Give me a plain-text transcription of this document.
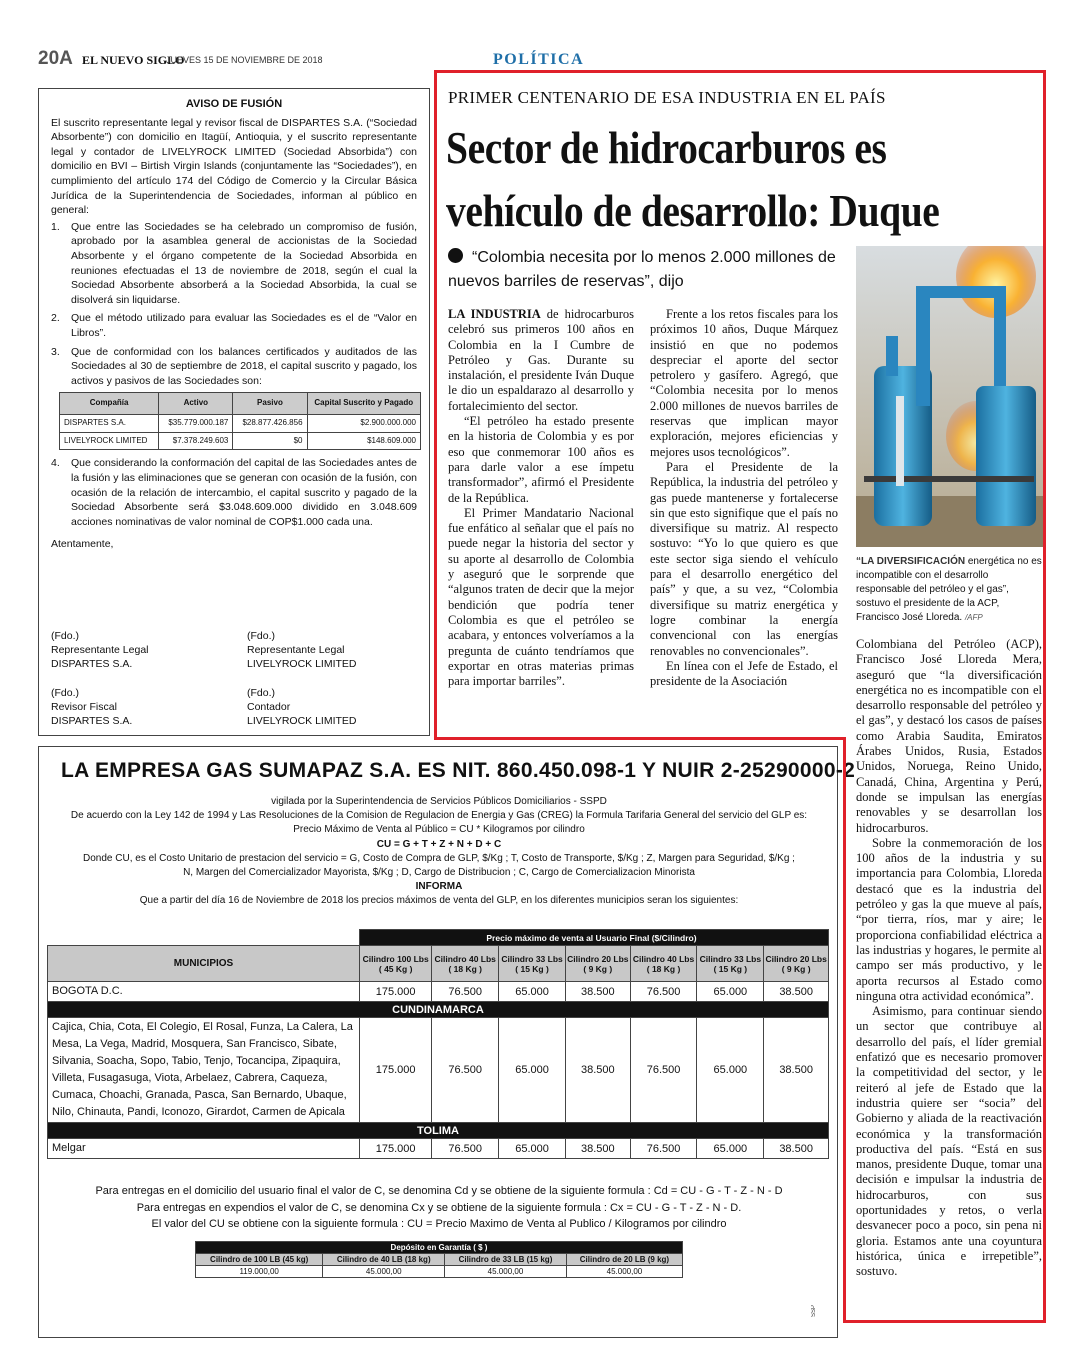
20A EL NUEVO SIGLO
JUEVES 15 DE NOVIEMBRE DE 2018	POLÍTICA
AVISO DE FUSIÓN

El suscrito representante legal y revisor fiscal de DISPARTES S.A. (“Sociedad Absorbente”) con domicilio en Itagüí, Antioquia, y el suscrito representante legal y contador de LIVELYROCK LIMITED (Sociedad Absorbida”) con domicilio en BVI – Birtish Virgin Islands (conjuntamente las “Sociedades”), en cumplimiento del artículo 174 del Código de Comercio y la Circular Básica Jurídica de la Superintendencia de Sociedades, informan al público en general:

1. Que entre las Sociedades se ha celebrado un compromiso de fusión, aprobado por la asamblea general de accionistas de la Sociedad Absorbente y el órgano competente de la Sociedad Absorbida en reuniones efectuadas el 13 de noviembre de 2018, según el cual la Sociedad Absorbente absorberá a la Sociedad Absorbida, la cual se disolverá sin liquidarse.
2. Que el método utilizado para evaluar las Sociedades es el de “Valor en Libros”.
3. Que de conformidad con los balances certificados y auditados de las Sociedades al 30 de septiembre de 2018, el capital suscrito y pagado, los activos y pasivos de las Sociedades son:
Compañía	Activo	Pasivo	Capital Suscrito y Pagado
DISPARTES S.A.	$35.779.000.187	$28.877.426.856	$2.900.000.000
LIVELYROCK LIMITED	$7.378.249.603	$0	$148.609.000
4. Que considerando la conformación del capital de las Sociedades antes de la fusión y las eliminaciones que se generan con ocasión de la fusión, con ocasión de la relación de intercambio, el capital suscrito y pagado de la Sociedad Absorbente será $3.048.609.000 dividido en 3.048.609 acciones nominativas de valor nominal de COP$1.000 cada una.

Atentamente,

(Fdo.)
Representante Legal
DISPARTES S.A.
(Fdo.)
Representante Legal
LIVELYROCK LIMITED
(Fdo.)
Revisor Fiscal
DISPARTES S.A.
(Fdo.)
Contador
LIVELYROCK LIMITED
LA EMPRESA GAS SUMAPAZ S.A. ES NIT. 860.450.098-1 Y NUIR 2-25290000-2
vigilada por la Superintendencia de Servicios Públicos Domiciliarios - SSPD
De acuerdo con la Ley 142 de 1994 y Las Resoluciones de la Comision de Regulacion de Energia y Gas (CREG) la Formula Tarifaria General del servicio del GLP es:
Precio Máximo de Venta al Público = CU * Kilogramos por cilindro
CU = G + T + Z + N + D + C
Donde CU, es el Costo Unitario de prestacion del servicio = G, Costo de Compra de GLP, $/Kg ; T, Costo de Transporte, $/Kg ; Z, Margen para Seguridad, $/Kg ;
N, Margen del Comercializador Mayorista, $/Kg ; D, Cargo de Distribucion ; C, Cargo de Comercializacion Minorista
INFORMA
Que a partir del día 16 de Noviembre de 2018 los precios máximos de venta del GLP, en los diferentes municipios seran los siguientes:
	Precio máximo de venta al Usuario Final ($/Cilindro)						
MUNICIPIOS	Cilindro 100 Lbs ( 45 Kg )	Cilindro 40 Lbs ( 18 Kg )	Cilindro 33 Lbs ( 15 Kg )	Cilindro 20 Lbs ( 9 Kg )	Cilindro 40 Lbs ( 18 Kg )	Cilindro 33 Lbs ( 15 Kg )	Cilindro 20 Lbs ( 9 Kg )
BOGOTA D.C.	175.000	76.500	65.000	38.500	76.500	65.000	38.500
CUNDINAMARCA							
Cajica, Chia, Cota, El Colegio, El Rosal, Funza, La Calera, La Mesa, La Vega, Madrid, Mosquera, San Francisco, Sibate, Silvania, Soacha, Sopo, Tabio, Tenjo, Tocancipa, Zipaquira, Villeta, Fusagasuga, Viota, Arbelaez, Cabrera, Caqueza, Cumaca, Choachi, Granada, Pasca, San Bernardo, Ubaque, Nilo, Chinauta, Pandi, Iconozo, Girardot, Carmen de Apicala	175.000	76.500	65.000	38.500	76.500	65.000	38.500
TOLIMA							
Melgar	175.000	76.500	65.000	38.500	76.500	65.000	38.500
Para entregas en el domicilio del usuario final el valor de C, se denomina Cd y se obtiene de la siguiente formula : Cd = CU - G - T - Z - N - D
Para entregas en expendios el valor de C, se denomina Cx y se obtiene de la siguiente formula : Cx = CU - G - T - Z - N - D.
El valor del CU se obtiene con la siguiente formula : CU = Precio Maximo de Venta al Publico / Kilogramos por cilindro
Depósito en Garantía ( $ )			
Cilindro de 100 LB (45 kg)	Cilindro de 40 LB (18 kg)	Cilindro de 33 LB (15 kg)	Cilindro de 20 LB (9 kg)
119.000,00	45.000,00	45.000,00	45.000,00
SSP
PRIMER CENTENARIO DE ESA INDUSTRIA EN EL PAÍS
Sector de hidrocarburos es
vehículo de desarrollo: Duque
“Colombia necesita por lo menos 2.000 millones de nuevos barriles de reservas”, dijo

LA INDUSTRIA de hidrocarburos celebró sus primeros 100 años en Colombia en la I Cumbre de Petróleo y Gas. Durante su instalación, el presidente Iván Duque le dio un espaldarazo al desarrollo y fortalecimiento del sector.

“El petróleo ha estado presente en la historia de Colombia y es por eso que conmemorar 100 años es para darle valor a ese ímpetu transformador”, afirmó el Presidente de la República.

El Primer Mandatario Nacional fue enfático al señalar que el país no puede negar la historia del sector y su aporte al desarrollo de Colombia y aseguró que le sorprende que “algunos traten de decir que la mejor bendición que podría tener Colombia es que el petróleo se acabara, y entonces volveríamos a la pregunta de cuánto tendríamos que exportar en otras materias primas para importar barriles”.

Frente a los retos fiscales para los próximos 10 años, Duque Márquez insistió en que no podemos despreciar el aporte del sector petrolero y gasífero. Agregó, que “Colombia necesita por lo menos 2.000 millones de nuevos barriles de reservas que implican mayor exploración, mejores eficiencias y mejores usos tecnológicos”.

Para el Presidente de la República, la industria del petróleo y gas puede mantenerse y fortalecerse sin que esto signifique que el país no diversifique su matriz. Al respecto sostuvo: “Yo lo que quiero es que este sector siga siendo el vehículo para el desarrollo energético del país” y que, a su vez, “Colombia diversifique su matriz energética y logre combinar la energía convencional con las energías renovables no convencionales”.

En línea con el Jefe de Estado, el presidente de la Asociación

“LA DIVERSIFICACIÓN energética no es incompatible con el desarrollo responsable del petróleo y el gas”, sostuvo el presidente de la ACP, Francisco José Lloreda. /AFP

Colombiana del Petróleo (ACP), Francisco José Lloreda Mera, aseguró que “la diversificación energética no es incompatible con el desarrollo responsable del petróleo y el gas”, y destacó los casos de países como Arabia Saudita, Emiratos Árabes Unidos, Rusia, Estados Unidos, Noruega, Reino Unido, Canadá, China, Argentina y Perú, donde se impulsan las energías renovables y se desarrollan los hidrocarburos.

Sobre la conmemoración de los 100 años de la industria y su importancia para Colombia, Lloreda destacó que es la industria del petróleo y gas la que mueve al país, “por tierra, ríos, mar y aire; le proporciona confiabilidad eléctrica a las industrias y hogares, le permite al campo ser más productivo, y le aporta recursos al Estado como ninguna otra actividad económica”.

Asimismo, para continuar siendo un sector que contribuye al desarrollo del país, el líder gremial enfatizó que es necesario promover la competitividad del sector, y le reiteró al jefe de Estado que la industria quiere ser “socia” del Gobierno y aliada de la reactivación económica y la transformación productiva del país. “Está en sus manos, presidente Duque, tomar una decisión e impulsar la industria de hidrocarburos, con sus oportunidades y retos, o verla desvanecer poco a poco, sin pena ni gloria. Estamos ante una coyuntura histórica, única e irrepetible”, sostuvo.
